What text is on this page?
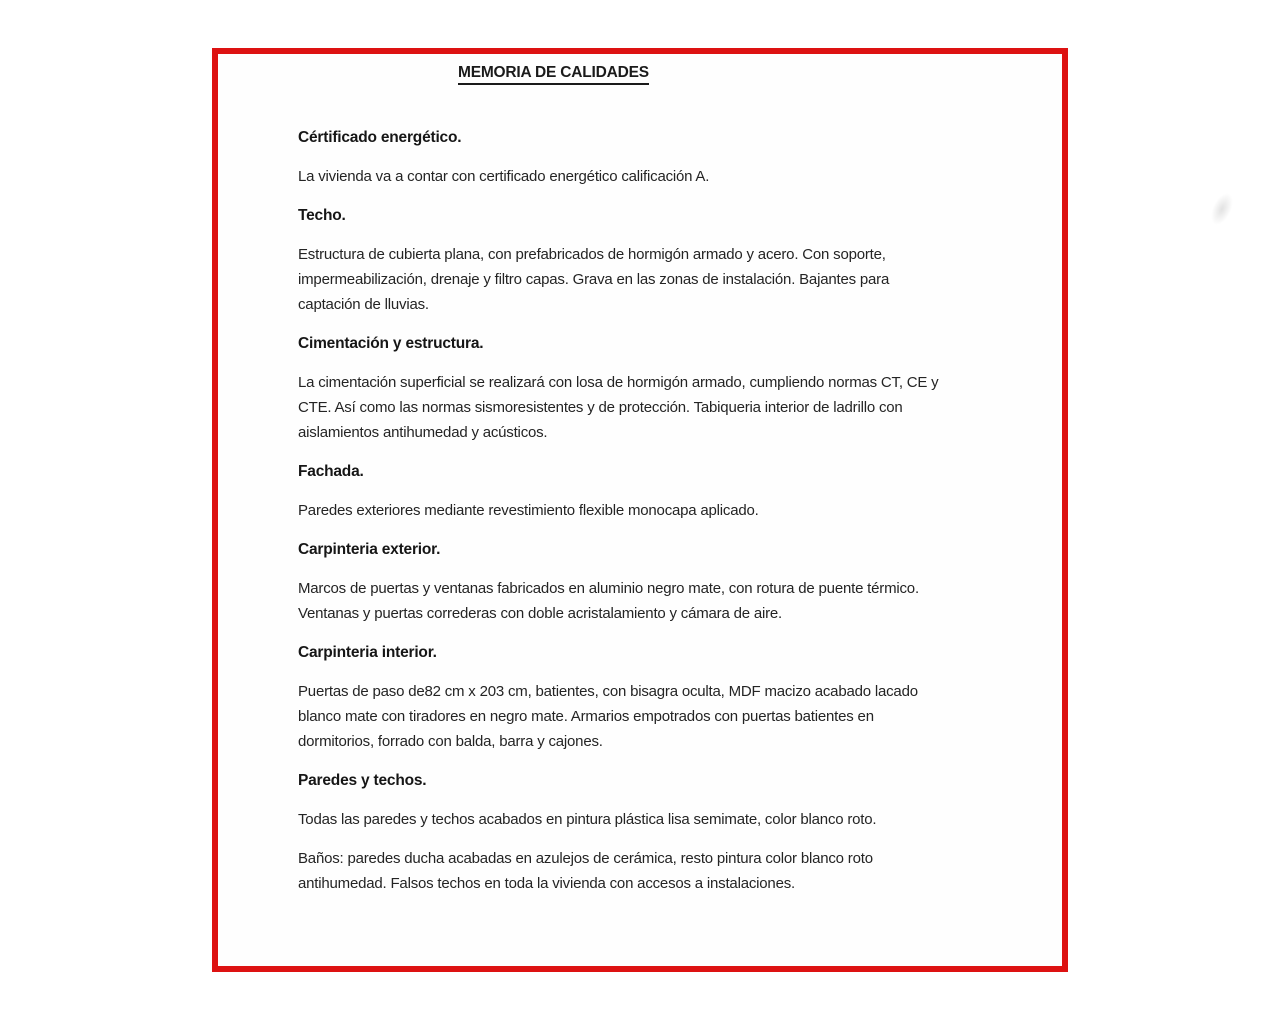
MEMORIA DE CALIDADES
Cértificado energético.

La vivienda va a contar con certificado energético calificación A.

Techo.

Estructura de cubierta plana, con prefabricados de hormigón armado y acero. Con soporte, impermeabilización, drenaje y filtro capas. Grava en las zonas de instalación. Bajantes para captación de lluvias.

Cimentación y estructura.

La cimentación superficial se realizará con losa de hormigón armado, cumpliendo normas CT, CE y CTE. Así como las normas sismoresistentes y de protección. Tabiqueria interior de ladrillo con aislamientos antihumedad y acústicos.

Fachada.

Paredes exteriores mediante revestimiento flexible monocapa aplicado.

Carpinteria exterior.

Marcos de puertas y ventanas fabricados en aluminio negro mate, con rotura de puente térmico. Ventanas y puertas correderas con doble acristalamiento y cámara de aire.

Carpinteria interior.

Puertas de paso de82 cm x 203 cm, batientes, con bisagra oculta, MDF macizo acabado lacado blanco mate con tiradores en negro mate. Armarios empotrados con puertas batientes en dormitorios, forrado con balda, barra y cajones.

Paredes y techos.

Todas las paredes y techos acabados en pintura plástica lisa semimate, color blanco roto.

Baños: paredes ducha acabadas en azulejos de cerámica, resto pintura color blanco roto antihumedad. Falsos techos en toda la vivienda con accesos a instalaciones.
